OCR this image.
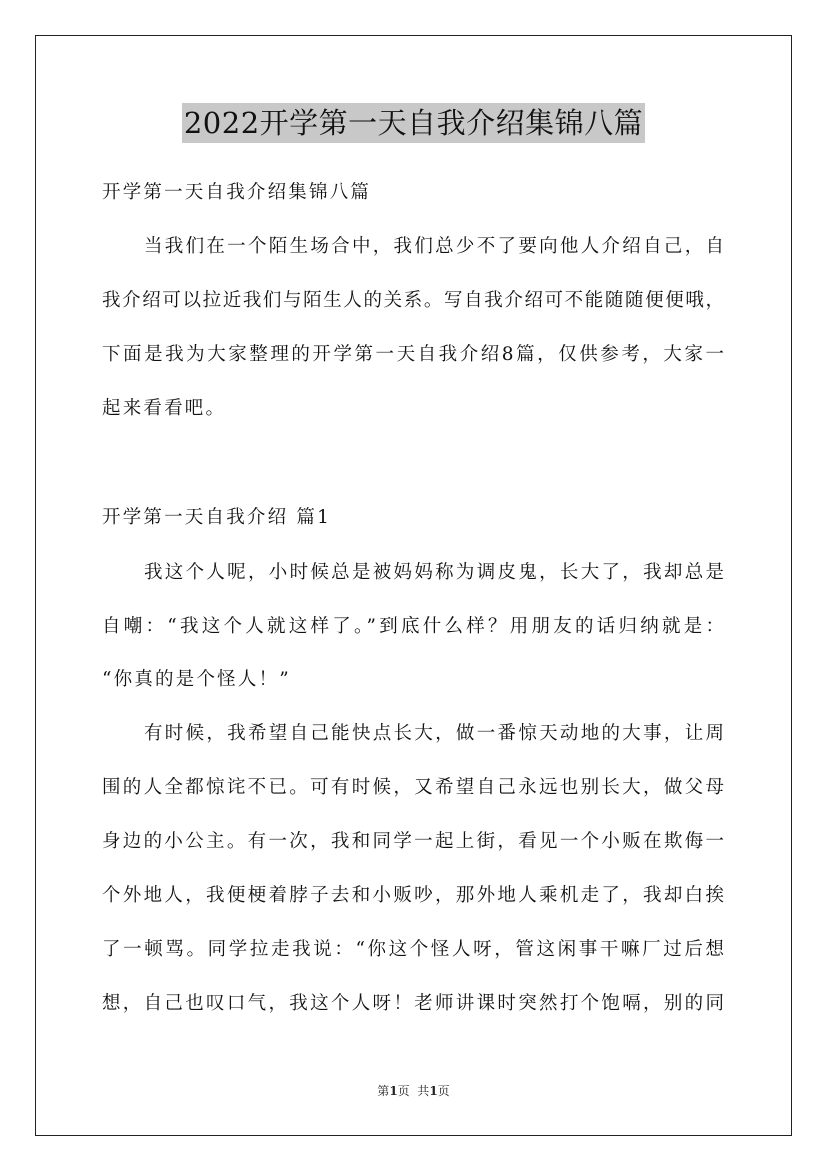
2022开学第一天自我介绍集锦八篇
开学第一天自我介绍集锦八篇
当我们在一个陌生场合中，我们总少不了要向他人介绍自己，自
我介绍可以拉近我们与陌生人的关系。写自我介绍可不能随随便便哦，
下面是我为大家整理的开学第一天自我介绍8篇，仅供参考，大家一
起来看看吧。
开学第一天自我介绍 篇1
我这个人呢，小时候总是被妈妈称为调皮鬼，长大了，我却总是
自嘲：“我这个人就这样了。”到底什么样？用朋友的话归纳就是：
“你真的是个怪人！”
有时候，我希望自己能快点长大，做一番惊天动地的大事，让周
围的人全都惊诧不已。可有时候，又希望自己永远也别长大，做父母
身边的小公主。有一次，我和同学一起上街，看见一个小贩在欺侮一
个外地人，我便梗着脖子去和小贩吵，那外地人乘机走了，我却白挨
了一顿骂。同学拉走我说：“你这个怪人呀，管这闲事干嘛厂过后想
想，自己也叹口气，我这个人呀！老师讲课时突然打个饱嗝，别的同
第1页  共1页
